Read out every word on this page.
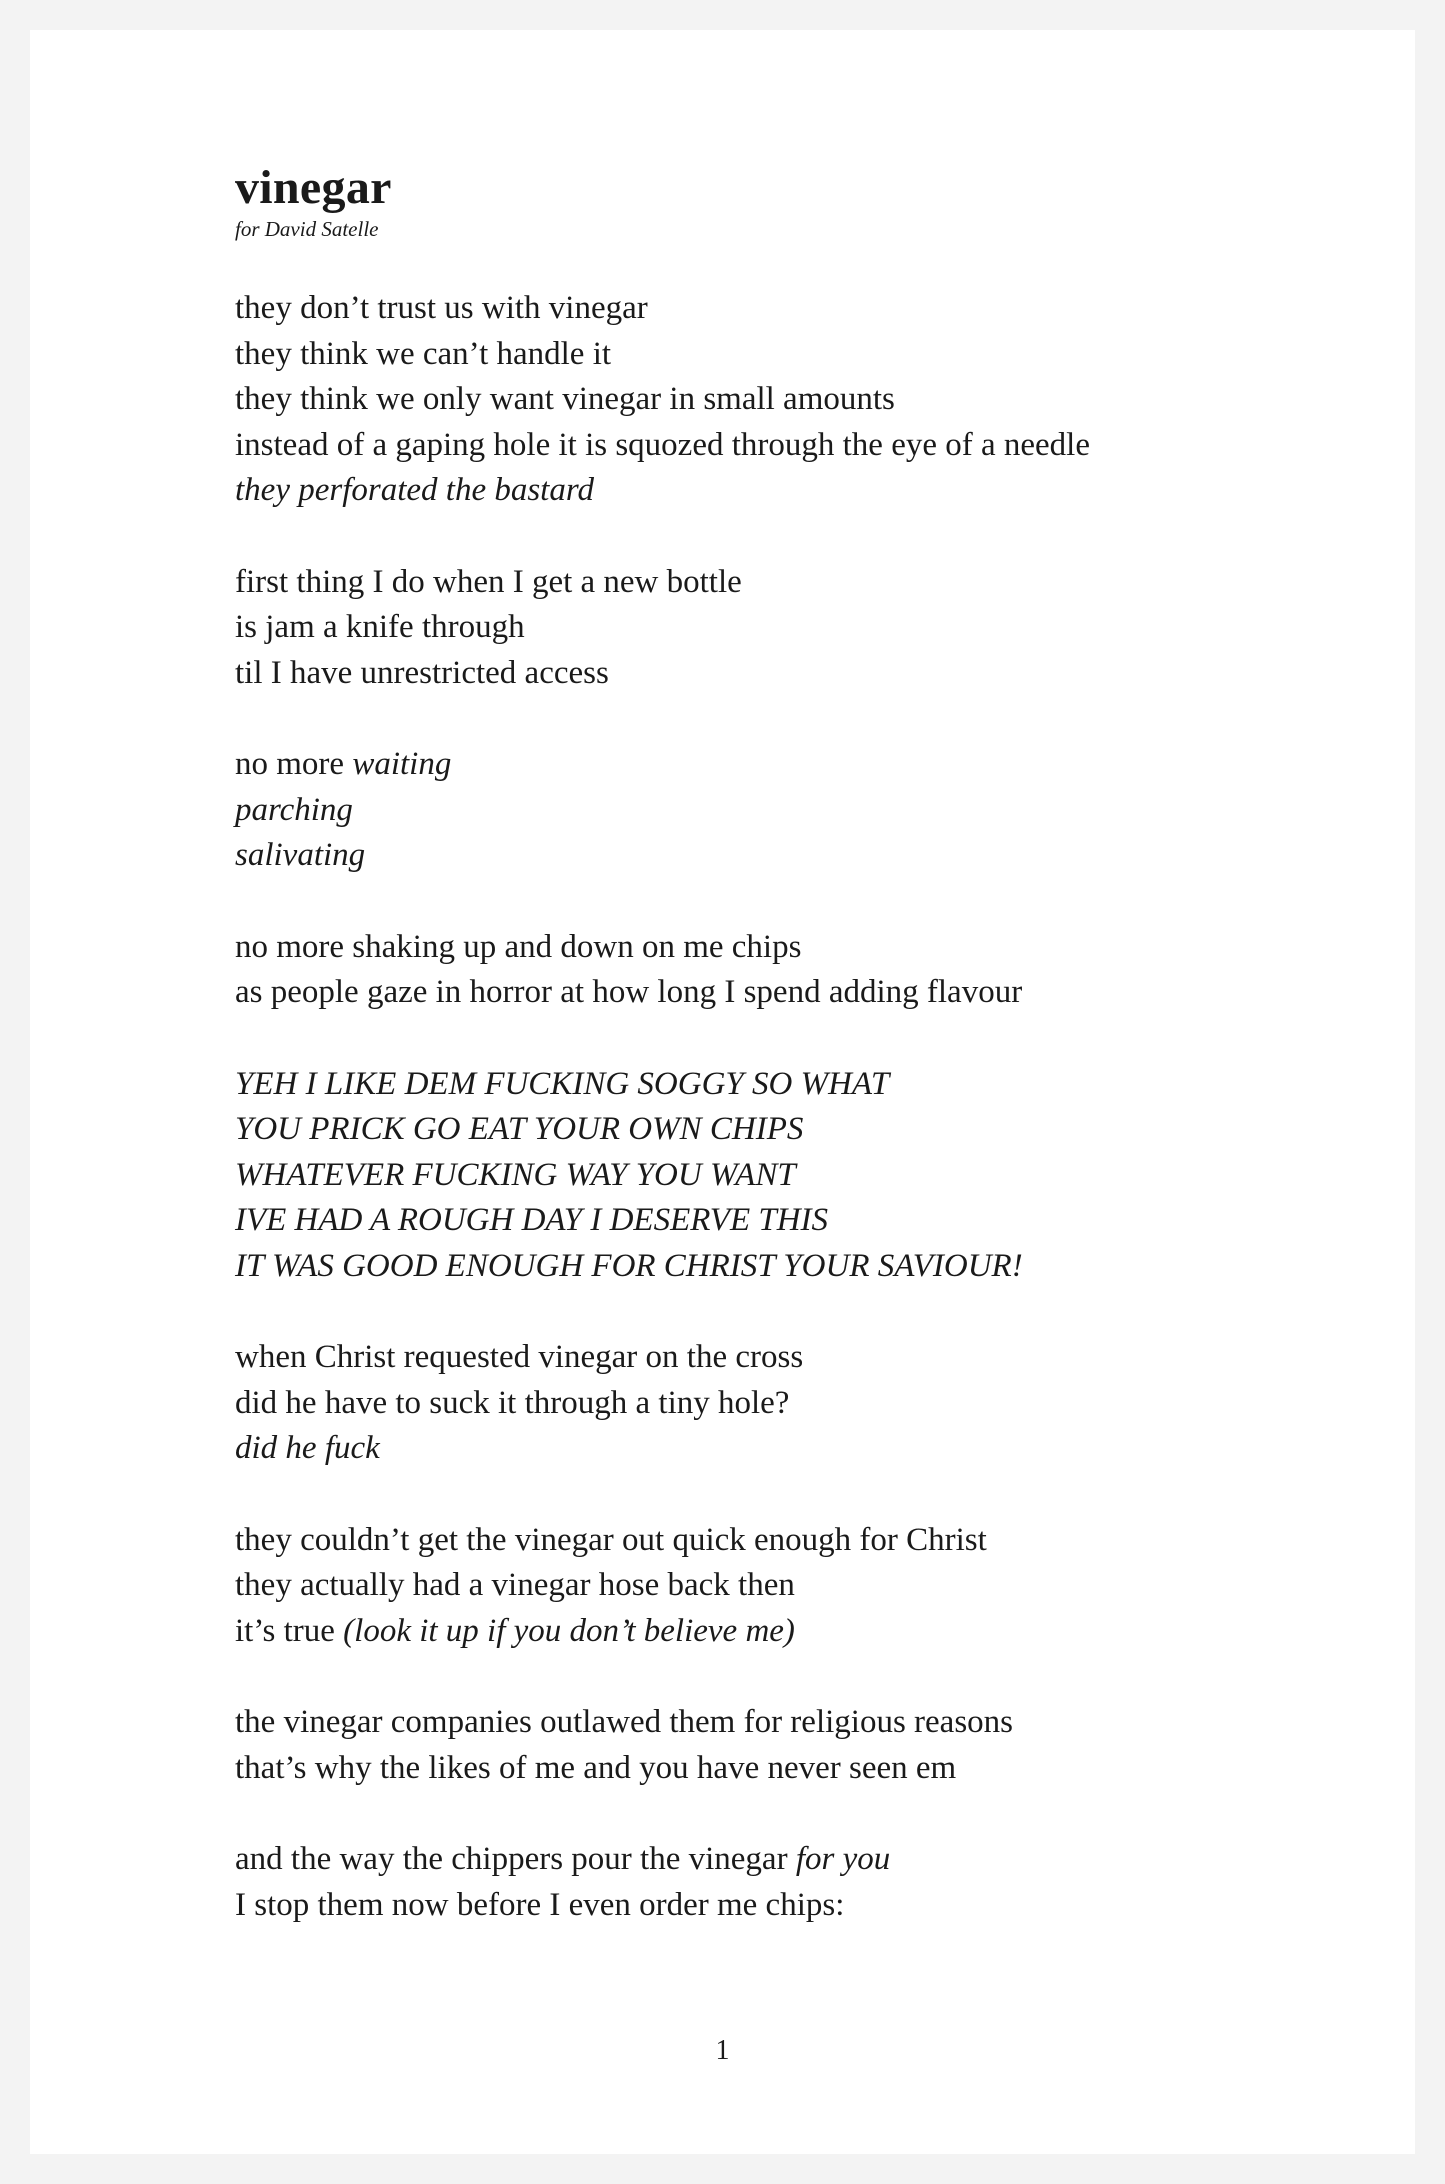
vinegar

for David Satelle

they don’t trust us with vinegar

they think we can’t handle it

they think we only want vinegar in small amounts

instead of a gaping hole it is squozed through the eye of a needle

they perforated the bastard

first thing I do when I get a new bottle

is jam a knife through

til I have unrestricted access

no more waiting

parching

salivating

no more shaking up and down on me chips

as people gaze in horror at how long I spend adding flavour

YEH I LIKE DEM FUCKING SOGGY SO WHAT

YOU PRICK GO EAT YOUR OWN CHIPS

WHATEVER FUCKING WAY YOU WANT

IVE HAD A ROUGH DAY I DESERVE THIS

IT WAS GOOD ENOUGH FOR CHRIST YOUR SAVIOUR!

when Christ requested vinegar on the cross

did he have to suck it through a tiny hole?

did he fuck

they couldn’t get the vinegar out quick enough for Christ

they actually had a vinegar hose back then

it’s true (look it up if you don’t believe me)

the vinegar companies outlawed them for religious reasons

that’s why the likes of me and you have never seen em

and the way the chippers pour the vinegar for you

I stop them now before I even order me chips:

1
